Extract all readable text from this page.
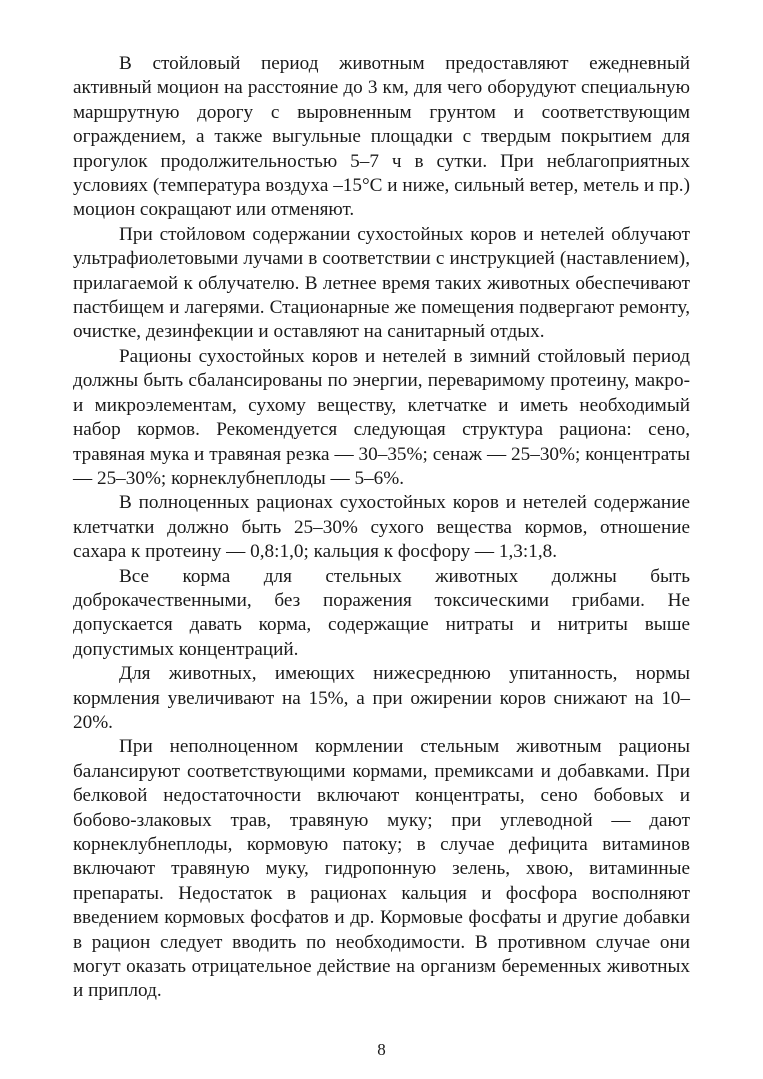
В стойловый период животным предоставляют ежедневный активный моцион на расстояние до 3 км, для чего оборудуют специальную маршрутную дорогу с выровненным грунтом и соответствующим ограждением, а также выгульные площадки с твердым покрытием для прогулок продолжительностью 5–7 ч в сутки. При неблагоприятных условиях (температура воздуха –15°С и ниже, сильный ветер, метель и пр.) моцион сокращают или отменяют.

При стойловом содержании сухостойных коров и нетелей облучают ультрафиолетовыми лучами в соответствии с инструкцией (наставлением), прилагаемой к облучателю. В летнее время таких животных обеспечивают пастбищем и лагерями. Стационарные же помещения подвергают ремонту, очистке, дезинфекции и оставляют на санитарный отдых.

Рационы сухостойных коров и нетелей в зимний стойловый период должны быть сбалансированы по энергии, переваримому протеину, макро- и микроэлементам, сухому веществу, клетчатке и иметь необходимый набор кормов. Рекомендуется следующая структура рациона: сено, травяная мука и травяная резка — 30–35%; сенаж — 25–30%; концентраты — 25–30%; корнеклубнеплоды — 5–6%.

В полноценных рационах сухостойных коров и нетелей содержание клетчатки должно быть 25–30% сухого вещества кормов, отношение сахара к протеину — 0,8:1,0; кальция к фосфору — 1,3:1,8.

Все корма для стельных животных должны быть доброкачественными, без поражения токсическими грибами. Не допускается давать корма, содержащие нитраты и нитриты выше допустимых концентраций.

Для животных, имеющих нижесреднюю упитанность, нормы кормления увеличивают на 15%, а при ожирении коров снижают на 10–20%.

При неполноценном кормлении стельным животным рационы балансируют соответствующими кормами, премиксами и добавками. При белковой недостаточности включают концентраты, сено бобовых и бобово-злаковых трав, травяную муку; при углеводной — дают корнеклубнеплоды, кормовую патоку; в случае дефицита витаминов включают травяную муку, гидропонную зелень, хвою, витаминные препараты. Недостаток в рационах кальция и фосфора восполняют введением кормовых фосфатов и др. Кормовые фосфаты и другие добавки в рацион следует вводить по необходимости. В противном случае они могут оказать отрицательное действие на организм беременных животных и приплод.

8
